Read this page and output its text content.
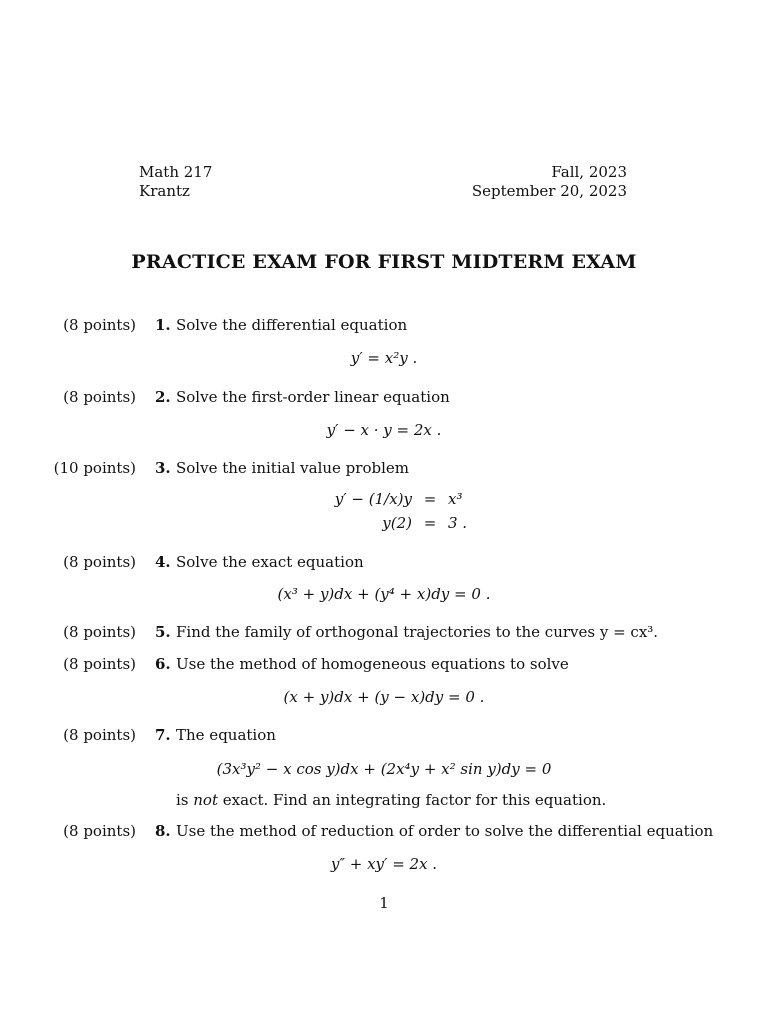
Math 217
Krantz
Fall, 2023
September 20, 2023
PRACTICE EXAM FOR FIRST MIDTERM EXAM
(8 points) 1. Solve the differential equation
y′ = x²y .
(8 points) 2. Solve the first-order linear equation
y′ − x · y = 2x .
(10 points) 3. Solve the initial value problem
y′ − (1/x)y	=	x³
y(2)	=	3 .
(8 points) 4. Solve the exact equation
(x³ + y)dx + (y⁴ + x)dy = 0 .
(8 points) 5. Find the family of orthogonal trajectories to the curves y = cx³.
(8 points) 6. Use the method of homogeneous equations to solve
(x + y)dx + (y − x)dy = 0 .
(8 points) 7. The equation
(3x³y² − x cos y)dx + (2x⁴y + x² sin y)dy = 0
is not exact. Find an integrating factor for this equation.
(8 points) 8. Use the method of reduction of order to solve the differential equation
y″ + xy′ = 2x .
1
